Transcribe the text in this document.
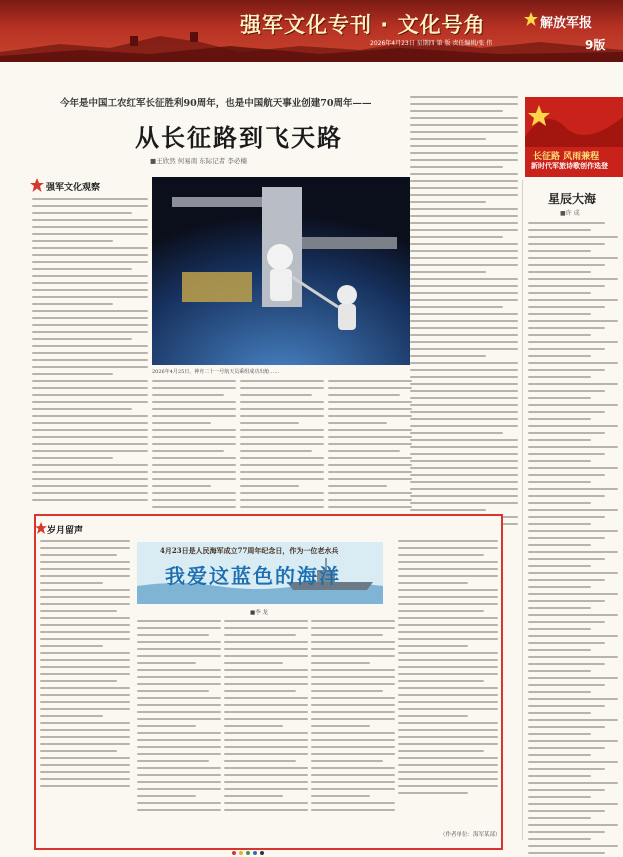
强军文化专刊 · 文化号角	解放军报
2026年4月23日 星期四 第 版 责任编辑/张 伟	9版
今年是中国工农红军长征胜利90周年，也是中国航天事业创建70周年——
从长征路到飞天路
■王欣然 何易南 东际记者 李必楠
强军文化观察
2026年4月25日，神舟二十一号航天员乘组成功出舱……
长征路 风雨兼程
新时代军旅诗歌创作选登
星辰大海
■许 成
岁月留声
4月23日是人民海军成立77周年纪念日，作为一位老水兵
我爱这蓝色的海洋
■李 龙
（作者单位：海军某部）
